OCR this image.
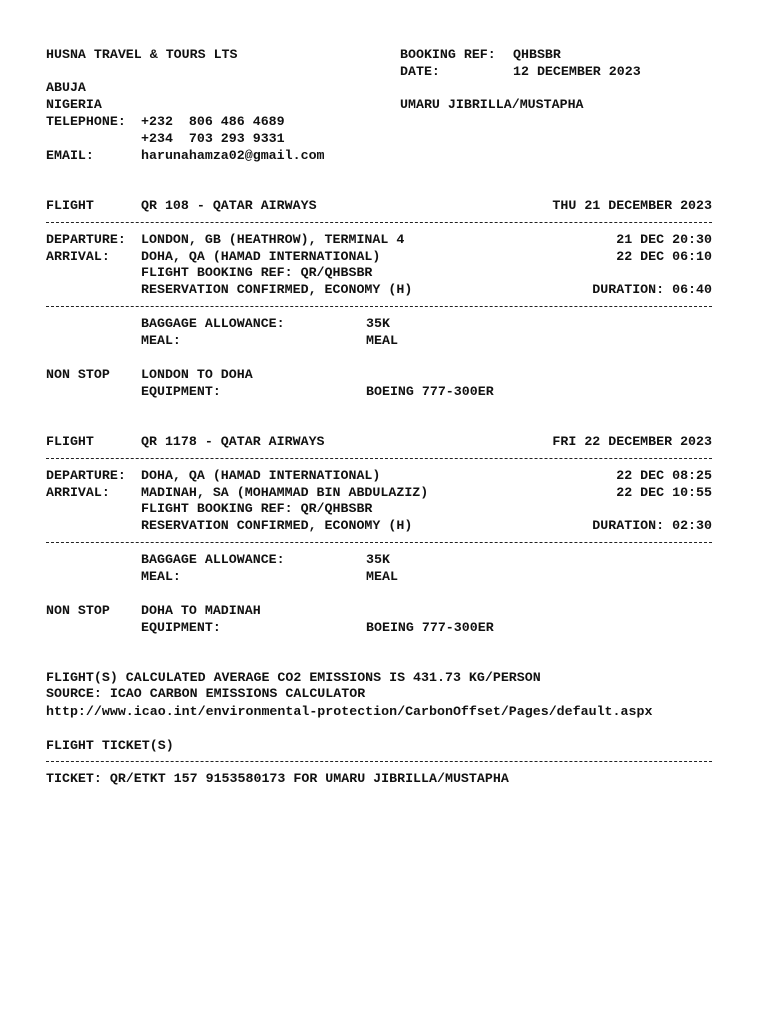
HUSNA TRAVEL & TOURS LTS
ABUJA
NIGERIA
TELEPHONE: +232  806 486 4689
+234  703 293 9331
EMAIL:	harunahamza02@gmail.com
BOOKING REF: QHBSBR
DATE:	12 DECEMBER 2023
UMARU JIBRILLA/MUSTAPHA
FLIGHT	QR 108 - QATAR AIRWAYS	THU 21 DECEMBER 2023
DEPARTURE: LONDON, GB (HEATHROW), TERMINAL 4	21 DEC 20:30
ARRIVAL: DOHA, QA (HAMAD INTERNATIONAL)	22 DEC 06:10
FLIGHT BOOKING REF: QR/QHBSBR
RESERVATION CONFIRMED, ECONOMY (H)	DURATION: 06:40
BAGGAGE ALLOWANCE:	35K
MEAL:	MEAL
NON STOP LONDON TO DOHA
EQUIPMENT:	BOEING 777-300ER
FLIGHT	QR 1178 - QATAR AIRWAYS	FRI 22 DECEMBER 2023
DEPARTURE: DOHA, QA (HAMAD INTERNATIONAL)	22 DEC 08:25
ARRIVAL: MADINAH, SA (MOHAMMAD BIN ABDULAZIZ)	22 DEC 10:55
FLIGHT BOOKING REF: QR/QHBSBR
RESERVATION CONFIRMED, ECONOMY (H)	DURATION: 02:30
BAGGAGE ALLOWANCE:	35K
MEAL:	MEAL
NON STOP DOHA TO MADINAH
EQUIPMENT:	BOEING 777-300ER
FLIGHT(S) CALCULATED AVERAGE CO2 EMISSIONS IS 431.73 KG/PERSON
SOURCE: ICAO CARBON EMISSIONS CALCULATOR
http://www.icao.int/environmental-protection/CarbonOffset/Pages/default.aspx
FLIGHT TICKET(S)
TICKET: QR/ETKT 157 9153580173 FOR UMARU JIBRILLA/MUSTAPHA
